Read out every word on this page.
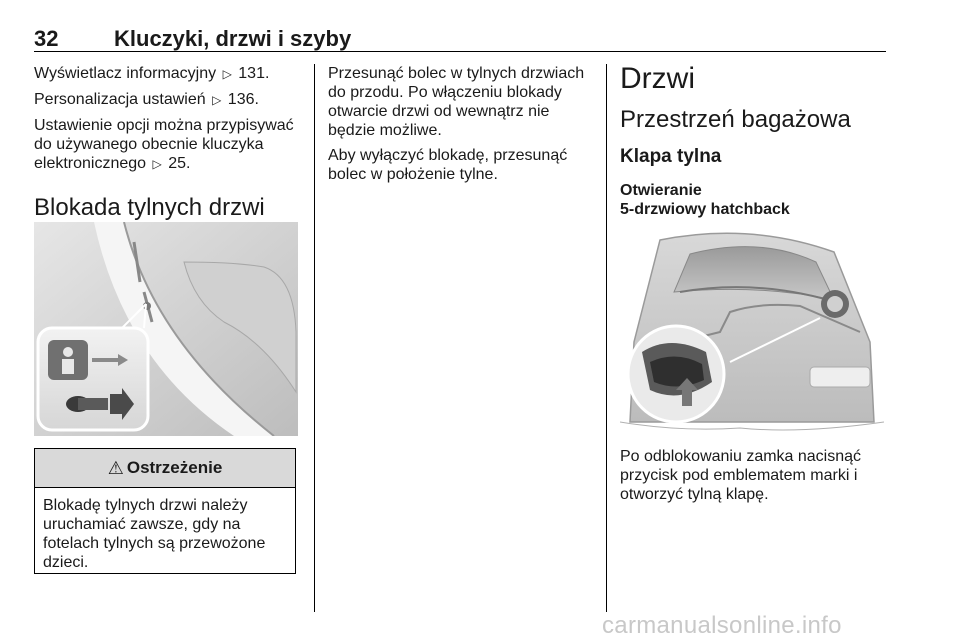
32	Kluczyki, drzwi i szyby

Wyświetlacz informacyjny ▷ 131.

Personalizacja ustawień ▷ 136.

Ustawienie opcji można przypisywać
do używanego obecnie kluczyka
elektronicznego ▷ 25.

Blokada tylnych drzwi
⚠ Ostrzeżenie
Blokadę tylnych drzwi należy
uruchamiać zawsze, gdy na
fotelach tylnych są przewożone
dzieci.

Przesunąć bolec w tylnych drzwiach
do przodu. Po włączeniu blokady
otwarcie drzwi od wewnątrz nie
będzie możliwe.

Aby wyłączyć blokadę, przesunąć
bolec w położenie tylne.

Drzwi
Przestrzeń bagażowa
Klapa tylna
Otwieranie
5-drzwiowy hatchback

Po odblokowaniu zamka nacisnąć
przycisk pod emblematem marki i
otworzyć tylną klapę.

carmanualsonline.info
